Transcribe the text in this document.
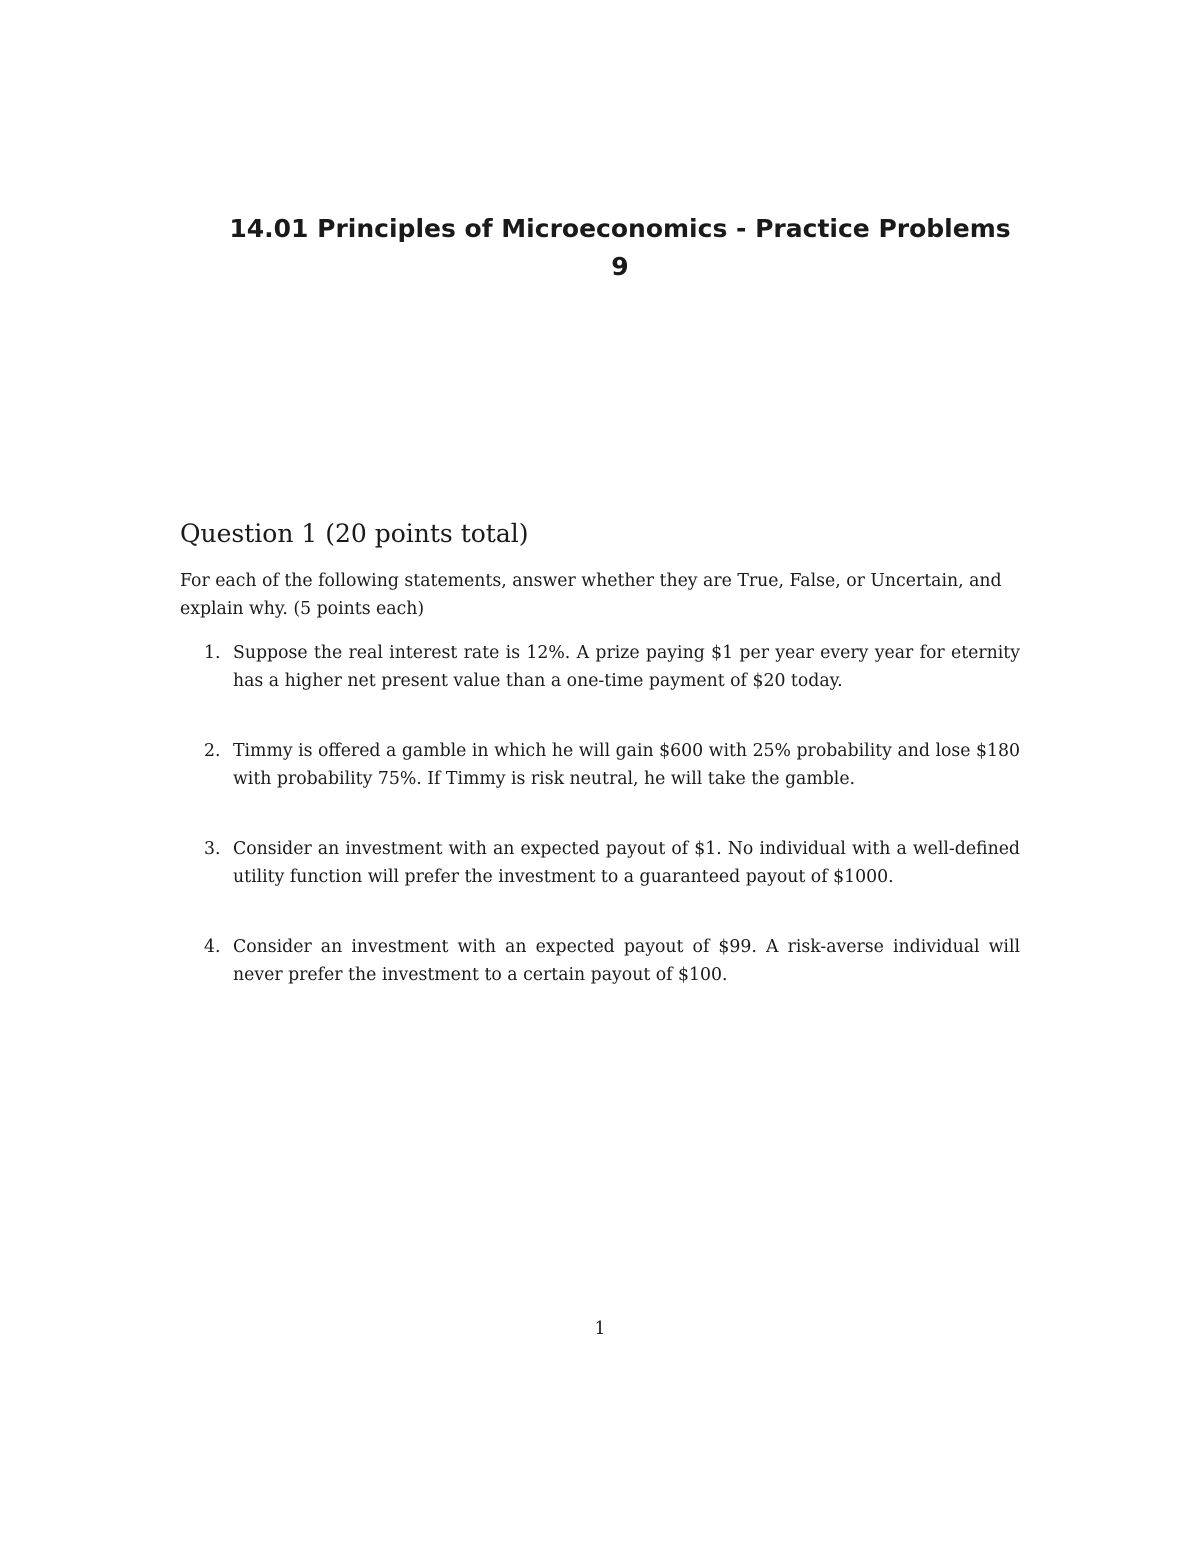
14.01 Principles of Microeconomics - Practice Problems
9
Question 1 (20 points total)

For each of the following statements, answer whether they are True, False, or Uncertain, and explain why. (5 points each)

1. Suppose the real interest rate is 12%. A prize paying $1 per year every year for eternity has a higher net present value than a one-time payment of $20 today.
2. Timmy is offered a gamble in which he will gain $600 with 25% probability and lose $180 with probability 75%. If Timmy is risk neutral, he will take the gamble.
3. Consider an investment with an expected payout of $1. No individual with a well-defined utility function will prefer the investment to a guaranteed payout of $1000.
4. Consider an investment with an expected payout of $99. A risk-averse individual will never prefer the investment to a certain payout of $100.

1
